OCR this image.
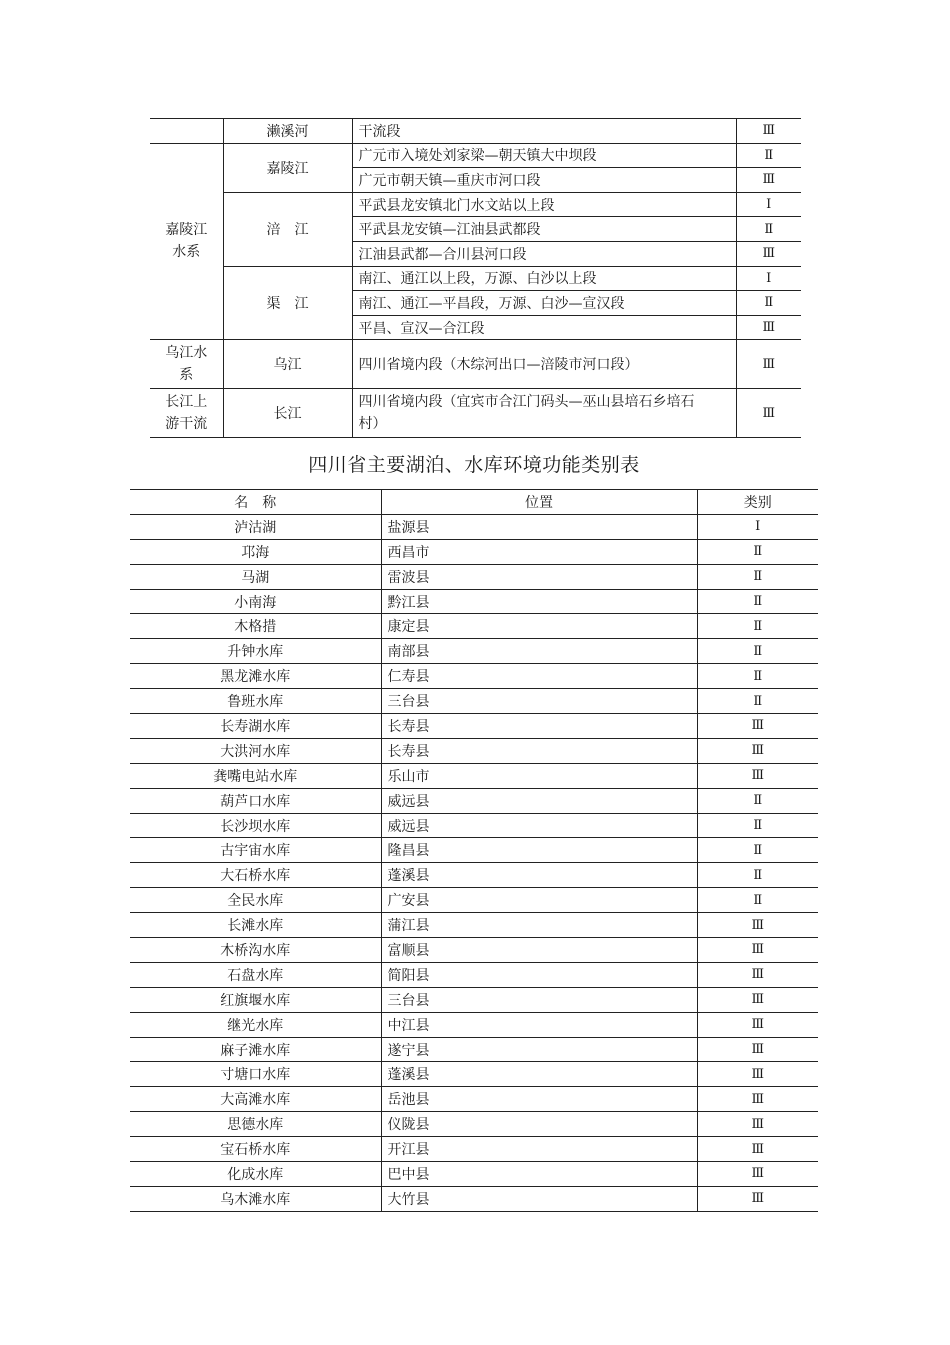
	濑溪河	干流段	Ⅲ

嘉陵江水系	嘉陵江	广元市入境处刘家梁—朝天镇大中坝段	Ⅱ
		广元市朝天镇—重庆市河口段	Ⅲ
	涪　江	平武县龙安镇北门水文站以上段	Ⅰ
		平武县龙安镇—江油县武都段	Ⅱ
		江油县武都—合川县河口段	Ⅲ
	渠　江	南江、通江以上段，万源、白沙以上段	Ⅰ
		南江、通江—平昌段，万源、白沙—宣汉段	Ⅱ
		平昌、宣汉—合江段	Ⅲ

乌江水系	乌江	四川省境内段（木综河出口—涪陵市河口段）	Ⅲ

长江上游干流	长江	四川省境内段（宜宾市合江门码头—巫山县培石乡培石村）	Ⅲ
四川省主要湖泊、水库环境功能类别表
名　称	位置	类别
泸沽湖	盐源县	Ⅰ
邛海	西昌市	Ⅱ
马湖	雷波县	Ⅱ
小南海	黔江县	Ⅱ
木格措	康定县	Ⅱ
升钟水库	南部县	Ⅱ
黑龙滩水库	仁寿县	Ⅱ
鲁班水库	三台县	Ⅱ
长寿湖水库	长寿县	Ⅲ
大洪河水库	长寿县	Ⅲ
龚嘴电站水库	乐山市	Ⅲ
葫芦口水库	威远县	Ⅱ
长沙坝水库	威远县	Ⅱ
古宇宙水库	隆昌县	Ⅱ
大石桥水库	蓬溪县	Ⅱ
全民水库	广安县	Ⅱ
长滩水库	蒲江县	Ⅲ
木桥沟水库	富顺县	Ⅲ
石盘水库	简阳县	Ⅲ
红旗堰水库	三台县	Ⅲ
继光水库	中江县	Ⅲ
麻子滩水库	遂宁县	Ⅲ
寸塘口水库	蓬溪县	Ⅲ
大高滩水库	岳池县	Ⅲ
思德水库	仪陇县	Ⅲ
宝石桥水库	开江县	Ⅲ
化成水库	巴中县	Ⅲ
乌木滩水库	大竹县	Ⅲ
